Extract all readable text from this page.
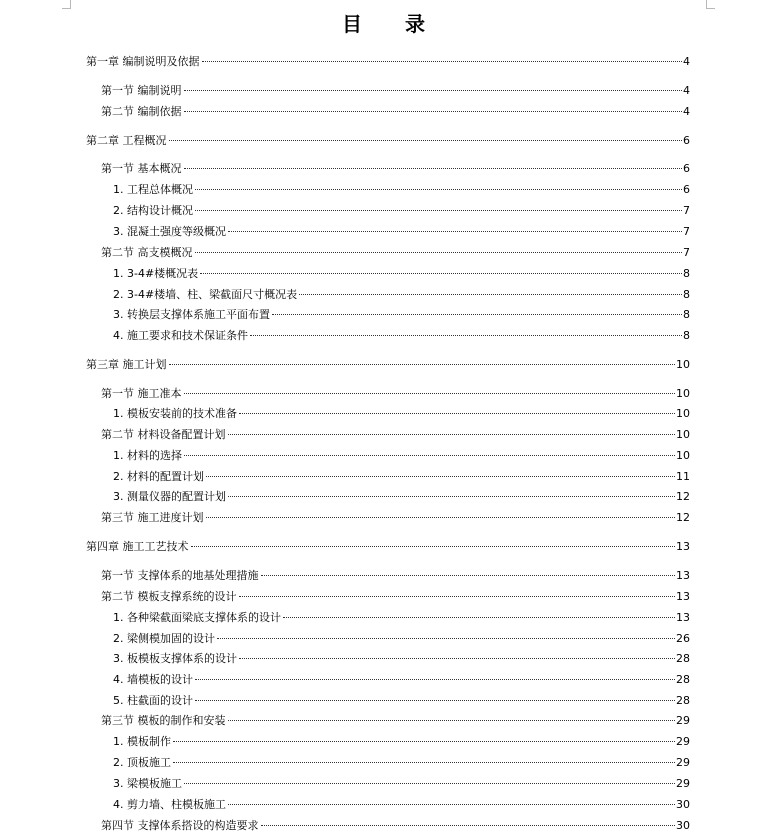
目 录
第一章 编制说明及依据	4
第一节 编制说明	4
第二节 编制依据	4
第二章 工程概况	6
第一节 基本概况	6
1. 工程总体概况	6
2. 结构设计概况	7
3. 混凝土强度等级概况	7
第二节 高支模概况	7
1. 3-4#楼概况表	8
2. 3-4#楼墙、柱、梁截面尺寸概况表	8
3. 转换层支撑体系施工平面布置	8
4. 施工要求和技术保证条件	8
第三章 施工计划	10
第一节 施工准本	10
1. 模板安装前的技术准备	10
第二节 材料设备配置计划	10
1. 材料的选择	10
2. 材料的配置计划	11
3. 测量仪器的配置计划	12
第三节 施工进度计划	12
第四章 施工工艺技术	13
第一节 支撑体系的地基处理措施	13
第二节 模板支撑系统的设计	13
1. 各种梁截面梁底支撑体系的设计	13
2. 梁侧模加固的设计	26
3. 板模板支撑体系的设计	28
4. 墙模板的设计	28
5. 柱截面的设计	28
第三节 模板的制作和安装	29
1. 模板制作	29
2. 顶板施工	29
3. 梁模板施工	29
4. 剪力墙、柱模板施工	30
第四节 支撑体系搭设的构造要求	30
